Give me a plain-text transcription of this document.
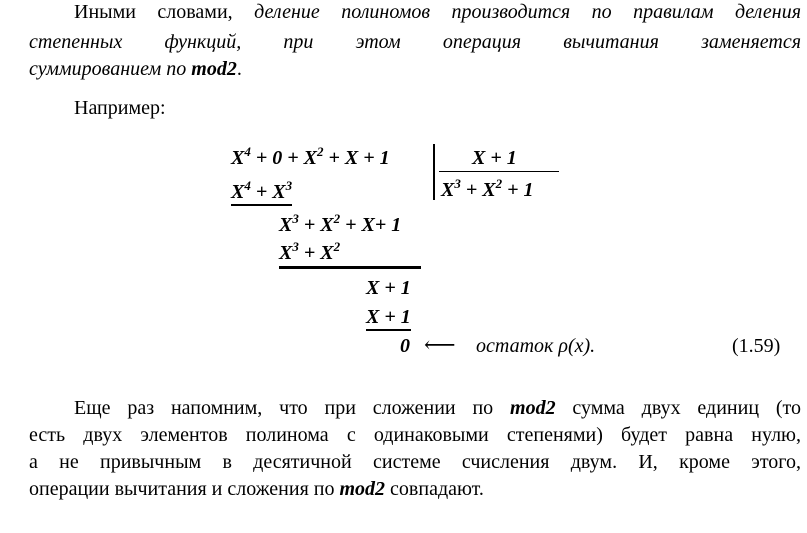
Иными словами, деление полиномов производится по правилам деления
степенных функций, при этом операция вычитания заменяется
суммированием по mod2.
Например:
$X^4 + 0 + X^2 + X + 1$	X + 1
$X^3 + X^2 + 1$
$X^4 + X^3$
$X^3 + X^2 + X+ 1$
$X^3 + X^2$
X + 1
X + 1
0 ⟵ остаток ρ(x).	(1.59)
Еще раз напомним, что при сложении по mod2 сумма двух единиц (то
есть двух элементов полинома с одинаковыми степенями) будет равна нулю,
а не привычным в десятичной системе счисления двум. И, кроме этого,
операции вычитания и сложения по mod2 совпадают.
